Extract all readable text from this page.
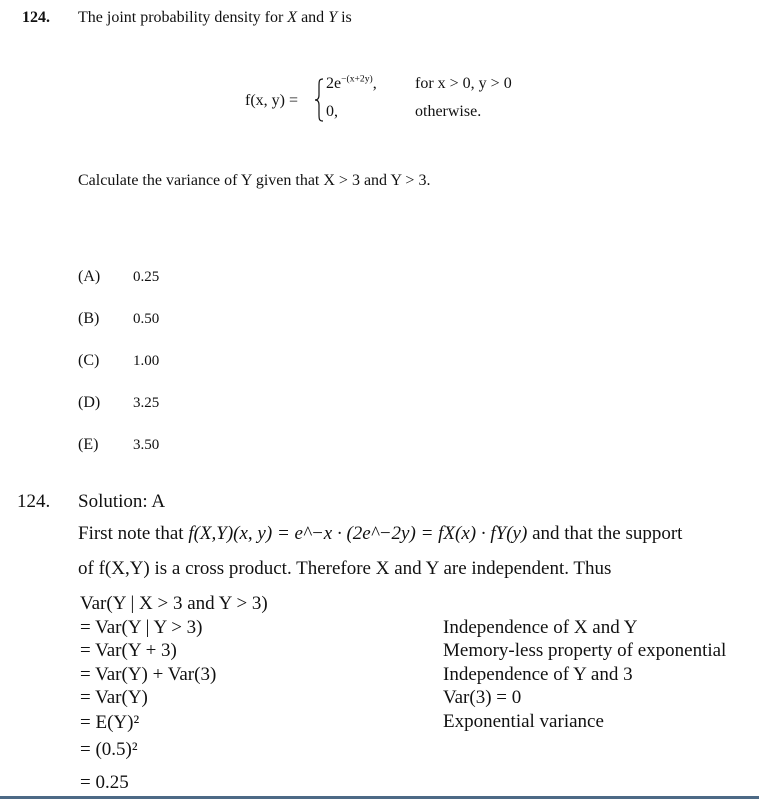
124. The joint probability density for X and Y is
f(x, y) =
$2e^{-(x+2y)}$, for x > 0, y > 0
0,	otherwise.
Calculate the variance of Y given that X > 3 and Y > 3.
(A) 0.25
(B) 0.50
(C) 1.00
(D) 3.25
(E) 3.50
124. Solution: A
First note that f(X,Y)(x, y) = e^−x · (2e^−2y) = fX(x) · fY(y) and that the support
of f(X,Y) is a cross product. Therefore X and Y are independent. Thus
Var(Y | X > 3 and Y > 3)
= Var(Y | Y > 3)
= Var(Y + 3)
= Var(Y) + Var(3)
= Var(Y)
= E(Y)²
= (0.5)²
= 0.25
Independence of X and Y
Memory-less property of exponential
Independence of Y and 3
Var(3) = 0
Exponential variance
